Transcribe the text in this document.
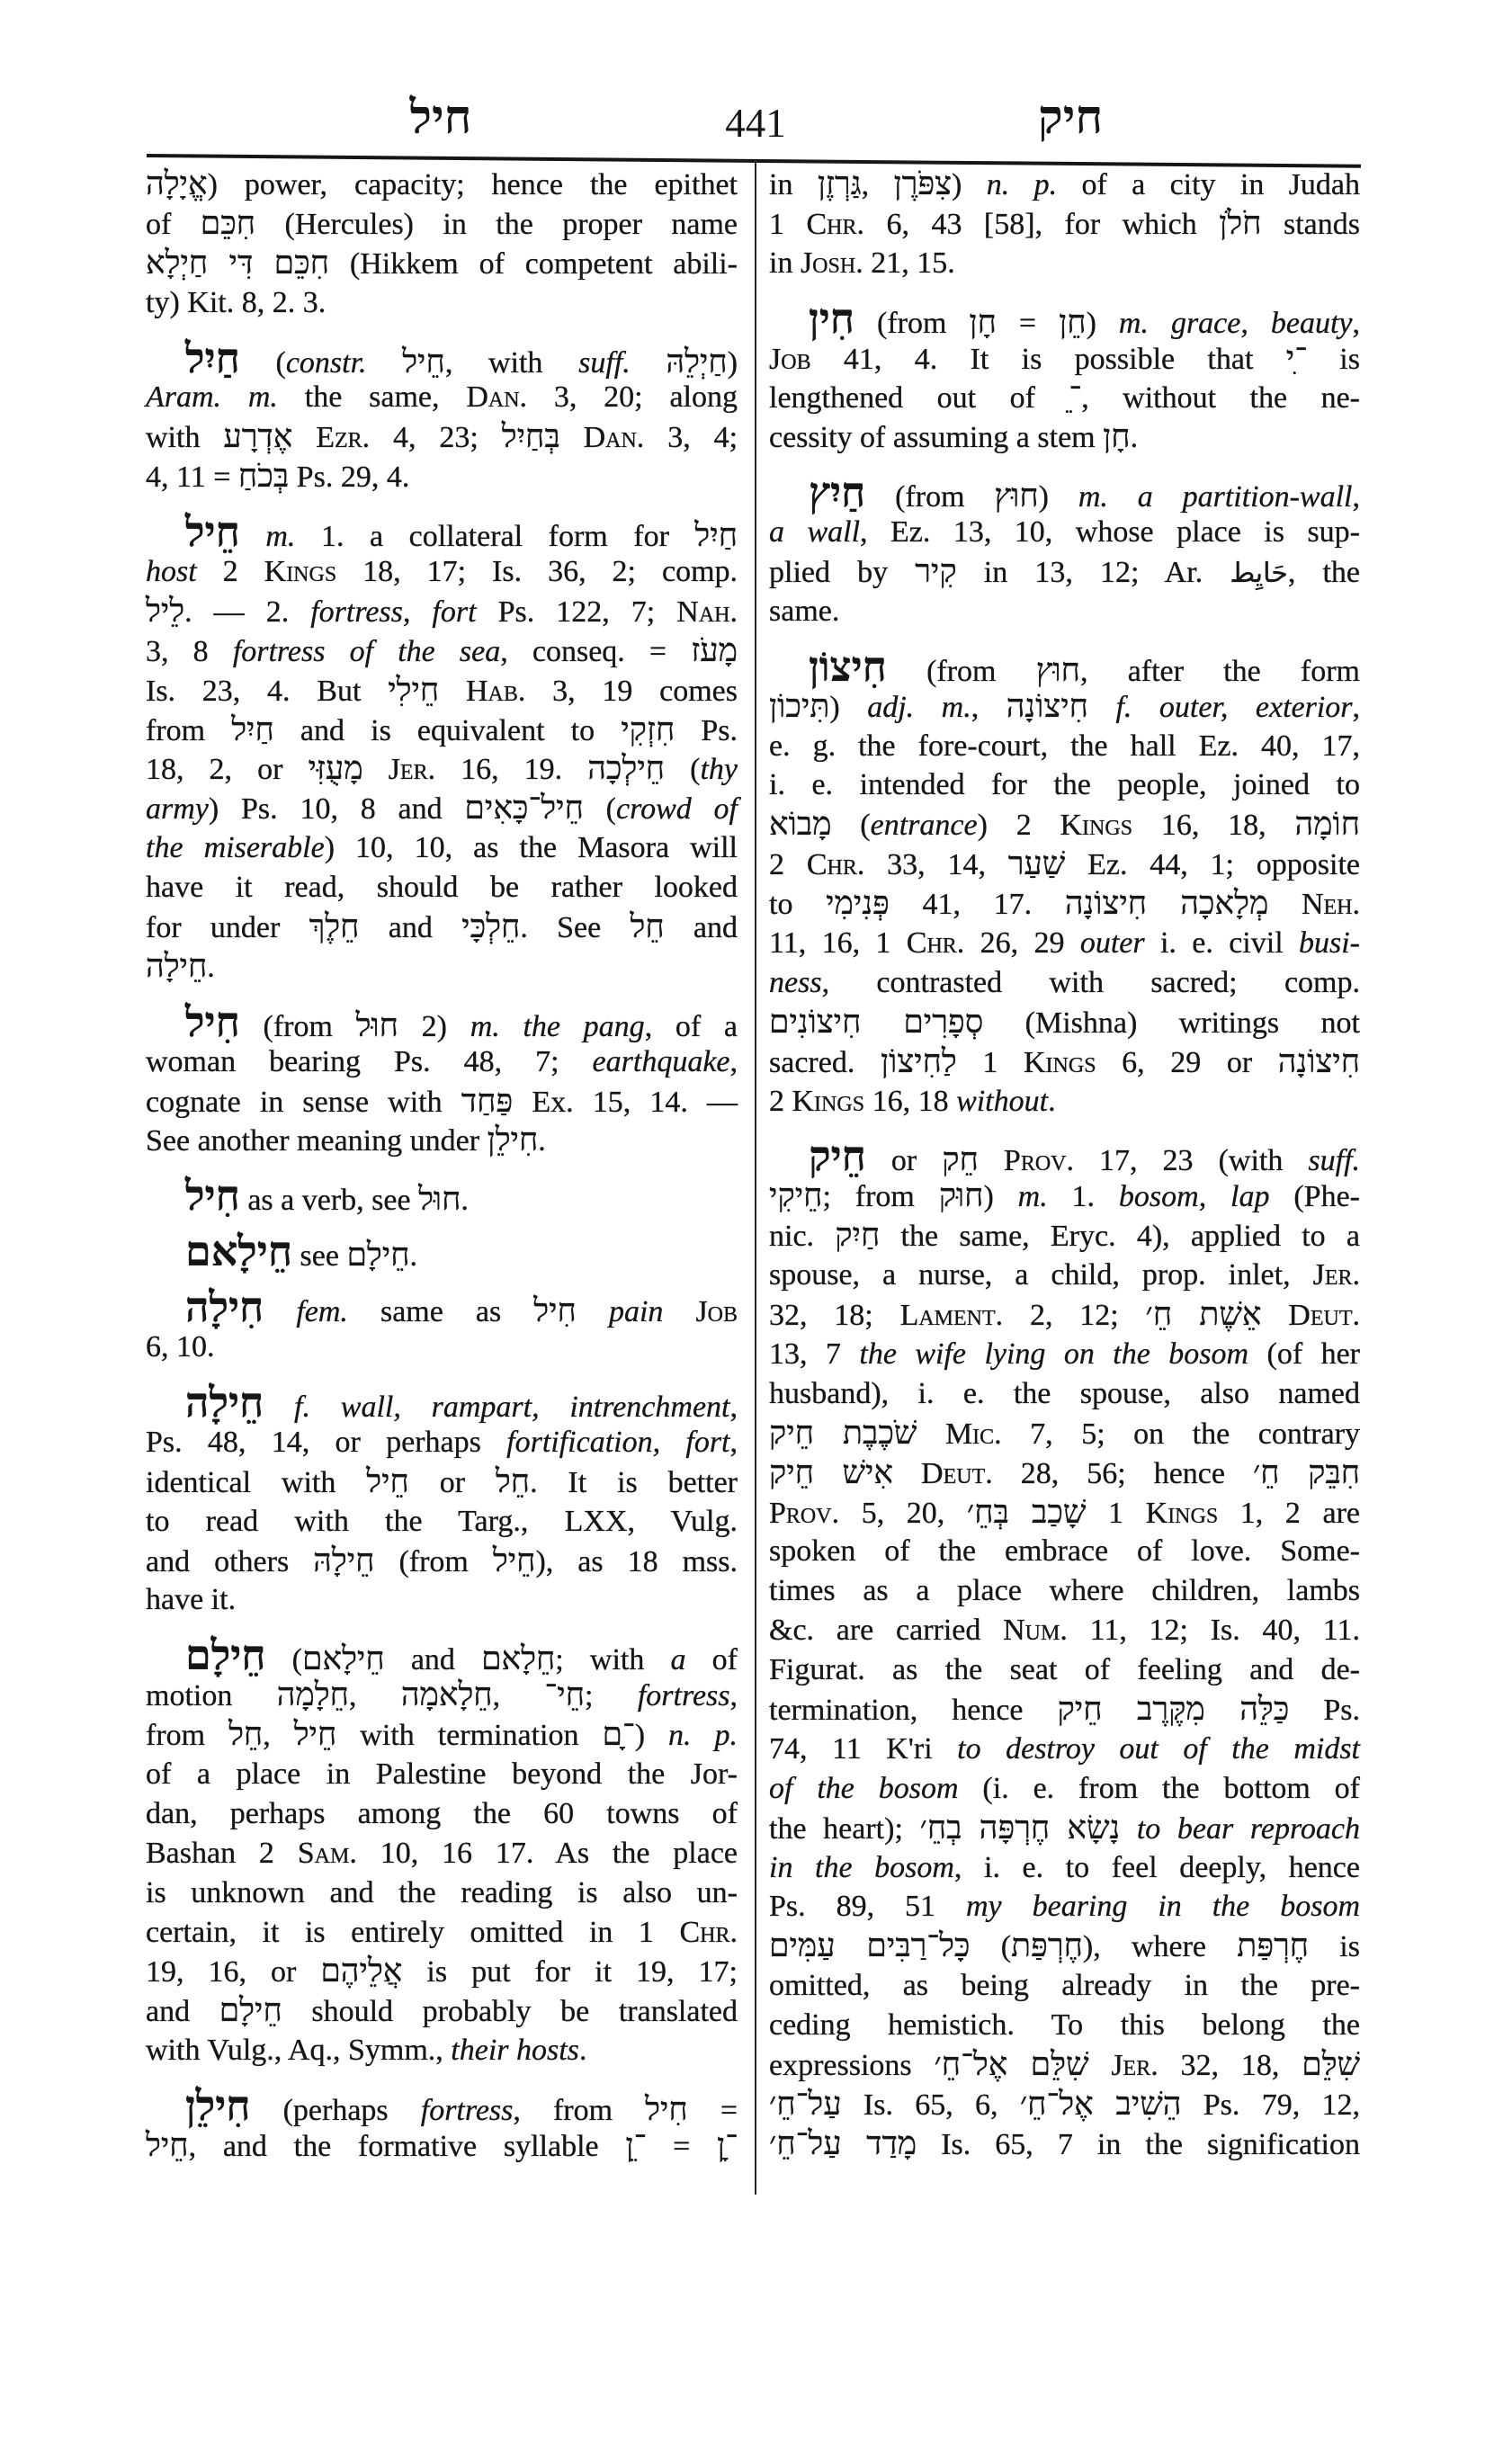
חיל	441	חיק
אֱיָלָה) power, capacity; hence the epithet
of חִכֵּם (Hercules) in the proper name
חִכֵּם דִּי חַיְלָא (Hikkem of competent abili-
ty) Kit. 8, 2. 3.
חַיִל (constr. חֵיל, with suff. חַיְלֵהּ)
Aram. m. the same, Dan. 3, 20; along
with אֶדְרָע Ezr. 4, 23; בְּחַיִל Dan. 3, 4;
4, 11 = בְּכֹחַ Ps. 29, 4.
חֵיל m. 1. a collateral form for חַיִל
host 2 Kings 18, 17; Is. 36, 2; comp.
לֵיל. — 2. fortress, fort Ps. 122, 7; Nah.
3, 8 fortress of the sea, conseq. = מָעֹז
Is. 23, 4. But חֵילִי Hab. 3, 19 comes
from חַיִל and is equivalent to חִזְקִי Ps.
18, 2, or מָעֻזִּי Jer. 16, 19. חֵילְכָה (thy
army) Ps. 10, 8 and חֵיל־כָּאִים (crowd of
the miserable) 10, 10, as the Masora will
have it read, should be rather looked
for under חֵלֶךְ and חֵלְכָּי. See חֵל and
חֵילָה.
חִיל (from חוּל 2) m. the pang, of a
woman bearing Ps. 48, 7; earthquake,
cognate in sense with פַּחַד Ex. 15, 14. —
See another meaning under חִילֵן.
חִיל as a verb, see חוּל.
חֵילָאם see חֵילָם.
חִילָה fem. same as חִיל pain Job
6, 10.
חֵילָה f. wall, rampart, intrenchment,
Ps. 48, 14, or perhaps fortification, fort,
identical with חֵיל or חֵל. It is better
to read with the Targ., LXX, Vulg.
and others חֵילָהּ (from חֵיל), as 18 mss.
have it.
חֵילָם (חֵילָאם and חֵלָאם; with a of
motion חֵלָמָה, חֵלָאמָה, חֵי־; fortress,
from חֵל, חֵיל with termination ־ָם) n. p.
of a place in Palestine beyond the Jor-
dan, perhaps among the 60 towns of
Bashan 2 Sam. 10, 16 17. As the place
is unknown and the reading is also un-
certain, it is entirely omitted in 1 Chr.
19, 16, or אֲלֵיהֶם is put for it 19, 17;
and חֵילָם should probably be translated
with Vulg., Aq., Symm., their hosts.
חִילֵן (perhaps fortress, from חִיל =
חֵיל, and the formative syllable ־ֵן = ־ָן
in גַּרְזֶן, צִפֹּרֶן) n. p. of a city in Judah
1 Chr. 6, 43 [58], for which חֹלֹן stands
in Josh. 21, 15.
חִין (from חָן = חֵן) m. grace, beauty,
Job 41, 4. It is possible that ־ִי is
lengthened out of ־ֵ, without the ne-
cessity of assuming a stem חָן.
חַיִץ (from חוּץ) m. a partition-wall,
a wall, Ez. 13, 10, whose place is sup-
plied by קִיר in 13, 12; Ar. حَايِط, the
same.
חִיצוֹן (from חוּץ, after the form
תִּיכוֹן) adj. m., חִיצוֹנָה f. outer, exterior,
e. g. the fore-court, the hall Ez. 40, 17,
i. e. intended for the people, joined to
מָבוֹא (entrance) 2 Kings 16, 18, חוֹמָה
2 Chr. 33, 14, שַׁעַר Ez. 44, 1; opposite
to פְּנִימִי 41, 17. מְלָאכָה חִיצוֹנָה Neh.
11, 16, 1 Chr. 26, 29 outer i. e. civil busi-
ness, contrasted with sacred; comp.
סְפָרִים חִיצוֹנִים (Mishna) writings not
sacred. לַחִיצוֹן 1 Kings 6, 29 or חִיצוֹנָה
2 Kings 16, 18 without.
חֵיק or חֵק Prov. 17, 23 (with suff.
חֵיקִי; from חוּק) m. 1. bosom, lap (Phe-
nic. חַיִק the same, Eryc. 4), applied to a
spouse, a nurse, a child, prop. inlet, Jer.
32, 18; Lament. 2, 12; אֵשֶׁת חֵ׳ Deut.
13, 7 the wife lying on the bosom (of her
husband), i. e. the spouse, also named
שֹׁכֶבֶת חֵיק Mic. 7, 5; on the contrary
אִישׁ חֵיק Deut. 28, 56; hence חִבֵּק חֵ׳
Prov. 5, 20, שָׁכַב בְּחֵ׳ 1 Kings 1, 2 are
spoken of the embrace of love. Some-
times as a place where children, lambs
&c. are carried Num. 11, 12; Is. 40, 11.
Figurat. as the seat of feeling and de-
termination, hence כַּלֵּה מִקֶּרֶב חֵיק Ps.
74, 11 K'ri to destroy out of the midst
of the bosom (i. e. from the bottom of
the heart); נָשָׂא חֶרְפָּה בְחֵ׳ to bear reproach
in the bosom, i. e. to feel deeply, hence
Ps. 89, 51 my bearing in the bosom
כָּל־רַבִּים עַמִּים (חֶרְפַּת), where חֶרְפַּת is
omitted, as being already in the pre-
ceding hemistich. To this belong the
expressions שִׁלֵּם אֶל־חֵ׳ Jer. 32, 18, שִׁלֵּם
עַל־חֵ׳ Is. 65, 6, הֵשִׁיב אֶל־חֵ׳ Ps. 79, 12,
מָדַד עַל־חֵ׳ Is. 65, 7 in the signification
